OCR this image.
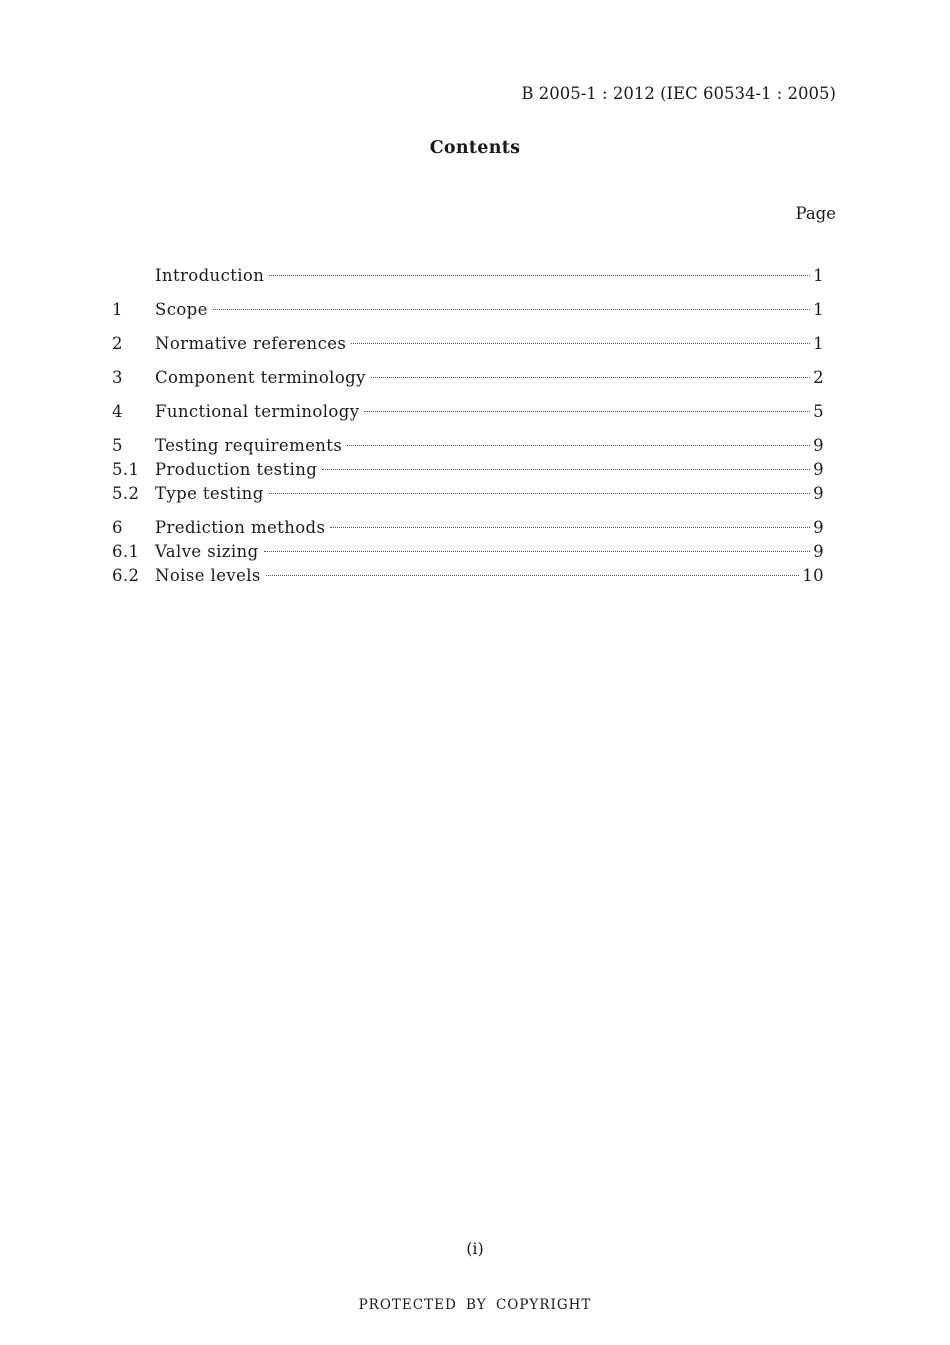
B 2005-1 : 2012 (IEC 60534-1 : 2005)
Contents
Page
Introduction	1
1	Scope	1
2	Normative references	1
3	Component terminology	2
4	Functional terminology	5
5	Testing requirements	9
5.1 Production testing	9
5.2 Type testing	9
6	Prediction methods	9
6.1 Valve sizing	9
6.2 Noise levels	10
(i)
PROTECTED BY COPYRIGHT
